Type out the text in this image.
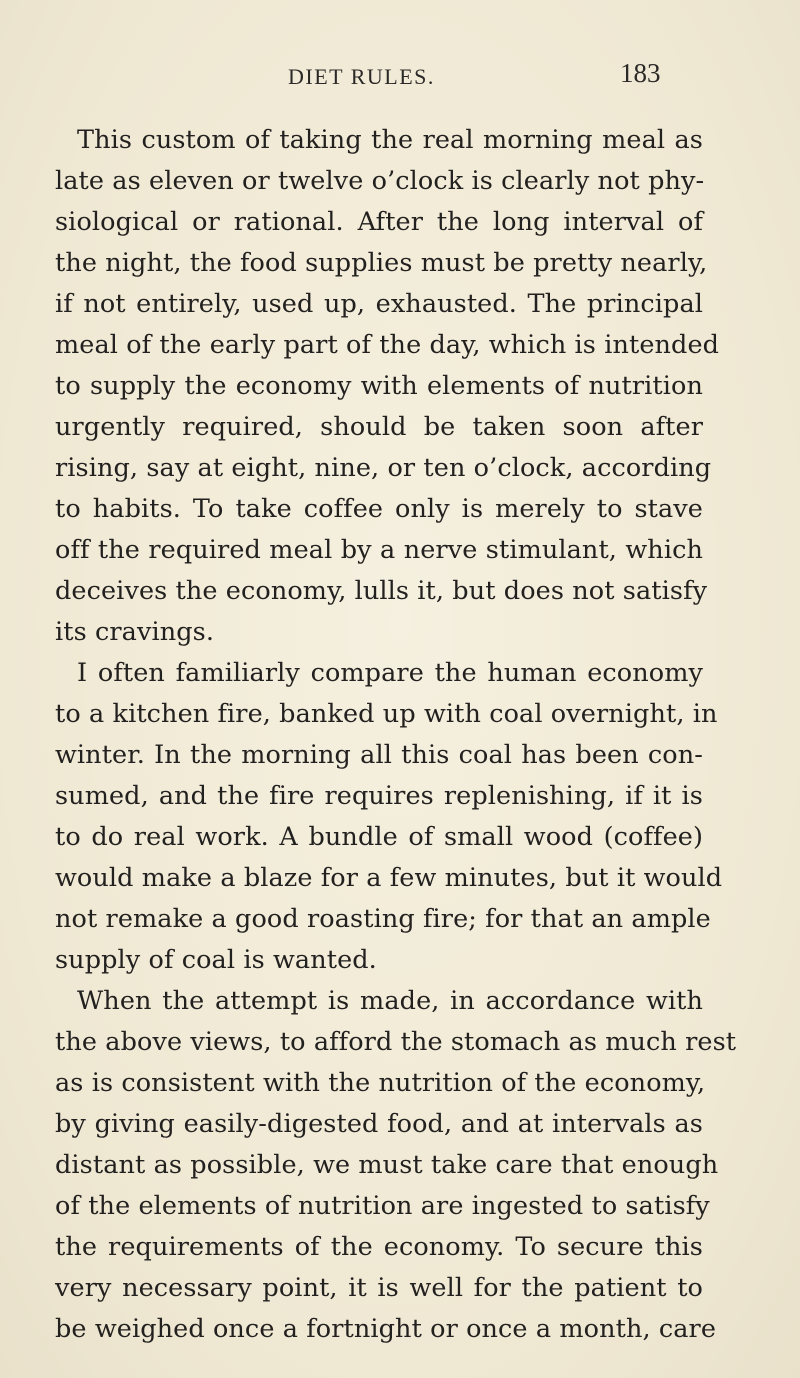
DIET RULES.	183
This custom of taking the real morning meal as
late as eleven or twelve o’clock is clearly not phy-
siological or rational. After the long interval of
the night, the food supplies must be pretty nearly,
if not entirely, used up, exhausted. The principal
meal of the early part of the day, which is intended
to supply the economy with elements of nutrition
urgently required, should be taken soon after
rising, say at eight, nine, or ten o’clock, according
to habits. To take coffee only is merely to stave
off the required meal by a nerve stimulant, which
deceives the economy, lulls it, but does not satisfy
its cravings.
I often familiarly compare the human economy
to a kitchen fire, banked up with coal overnight, in
winter. In the morning all this coal has been con-
sumed, and the fire requires replenishing, if it is
to do real work. A bundle of small wood (coffee)
would make a blaze for a few minutes, but it would
not remake a good roasting fire; for that an ample
supply of coal is wanted.
When the attempt is made, in accordance with
the above views, to afford the stomach as much rest
as is consistent with the nutrition of the economy,
by giving easily-digested food, and at intervals as
distant as possible, we must take care that enough
of the elements of nutrition are ingested to satisfy
the requirements of the economy. To secure this
very necessary point, it is well for the patient to
be weighed once a fortnight or once a month, care
